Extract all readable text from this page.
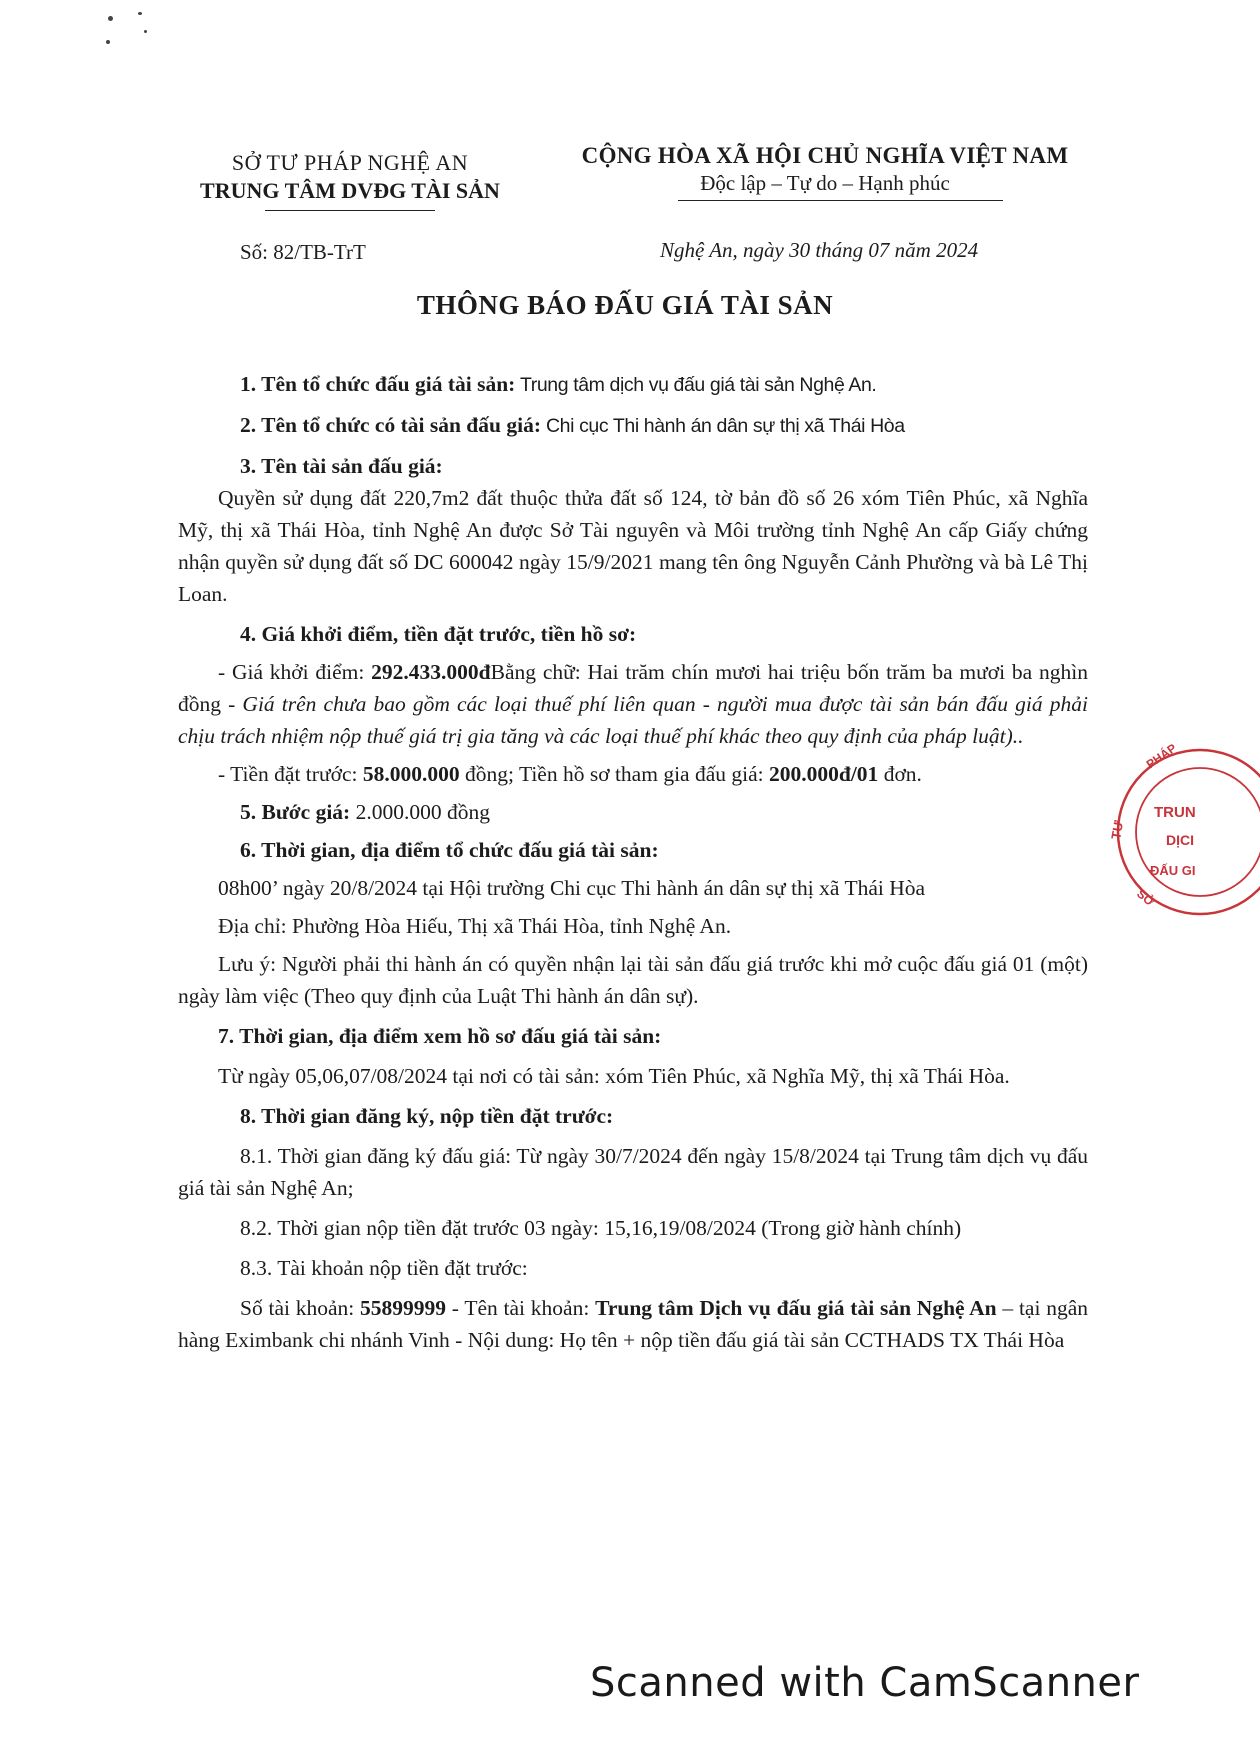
SỞ TƯ PHÁP NGHỆ AN
TRUNG TÂM DVĐG TÀI SẢN
CỘNG HÒA XÃ HỘI CHỦ NGHĨA VIỆT NAM
Độc lập – Tự do – Hạnh phúc
Số: 82/TB-TrT	Nghệ An, ngày 30 tháng 07 năm 2024
THÔNG BÁO ĐẤU GIÁ TÀI SẢN

1. Tên tổ chức đấu giá tài sản: Trung tâm dịch vụ đấu giá tài sản Nghệ An.

2. Tên tổ chức có tài sản đấu giá: Chi cục Thi hành án dân sự thị xã Thái Hòa

3. Tên tài sản đấu giá:

Quyền sử dụng đất 220,7m2 đất thuộc thửa đất số 124, tờ bản đồ số 26 xóm Tiên Phúc, xã Nghĩa Mỹ, thị xã Thái Hòa, tỉnh Nghệ An được Sở Tài nguyên và Môi trường tỉnh Nghệ An cấp Giấy chứng nhận quyền sử dụng đất số DC 600042 ngày 15/9/2021 mang tên ông Nguyễn Cảnh Phường và bà Lê Thị Loan.

4. Giá khởi điểm, tiền đặt trước, tiền hồ sơ:

- Giá khởi điểm: 292.433.000đBằng chữ: Hai trăm chín mươi hai triệu bốn trăm ba mươi ba nghìn đồng - Giá trên chưa bao gồm các loại thuế phí liên quan - người mua được tài sản bán đấu giá phải chịu trách nhiệm nộp thuế giá trị gia tăng và các loại thuế phí khác theo quy định của pháp luật)..

- Tiền đặt trước: 58.000.000 đồng; Tiền hồ sơ tham gia đấu giá: 200.000đ/01 đơn.

5. Bước giá: 2.000.000 đồng

6. Thời gian, địa điểm tổ chức đấu giá tài sản:

08h00’ ngày 20/8/2024 tại Hội trường Chi cục Thi hành án dân sự thị xã Thái Hòa

Địa chỉ: Phường Hòa Hiếu, Thị xã Thái Hòa, tỉnh Nghệ An.

Lưu ý: Người phải thi hành án có quyền nhận lại tài sản đấu giá trước khi mở cuộc đấu giá 01 (một) ngày làm việc (Theo quy định của Luật Thi hành án dân sự).

7. Thời gian, địa điểm xem hồ sơ đấu giá tài sản:

Từ ngày 05,06,07/08/2024 tại nơi có tài sản: xóm Tiên Phúc, xã Nghĩa Mỹ, thị xã Thái Hòa.

8. Thời gian đăng ký, nộp tiền đặt trước:

8.1. Thời gian đăng ký đấu giá: Từ ngày 30/7/2024 đến ngày 15/8/2024 tại Trung tâm dịch vụ đấu giá tài sản Nghệ An;

8.2. Thời gian nộp tiền đặt trước 03 ngày: 15,16,19/08/2024 (Trong giờ hành chính)

8.3. Tài khoản nộp tiền đặt trước:

Số tài khoản: 55899999 - Tên tài khoản: Trung tâm Dịch vụ đấu giá tài sản Nghệ An – tại ngân hàng Eximbank chi nhánh Vinh - Nội dung: Họ tên + nộp tiền đấu giá tài sản CCTHADS TX Thái Hòa

PHÁP
TƯ
SỞ
TRUN
DỊCI
ĐẤU GI
Scanned with CamScanner
